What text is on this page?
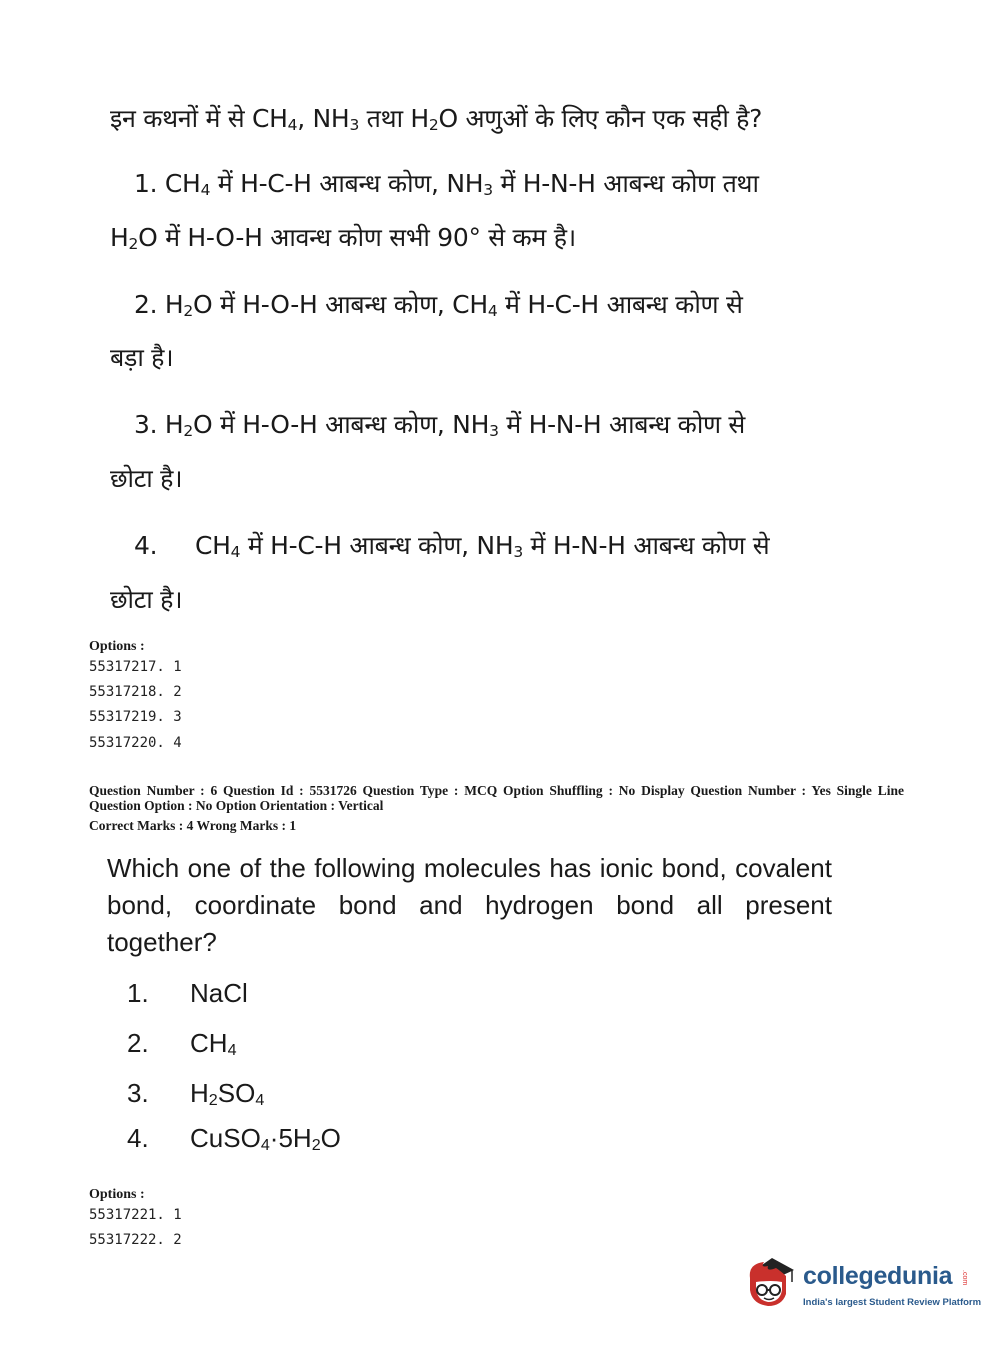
इन कथनों में से $CH_4$, $NH_3$ तथा $H_2O$ अणुओं के लिए कौन एक सही है?
1. $CH_4$ में H-C-H आबन्ध कोण, $NH_3$ में H-N-H आबन्ध कोण तथा
$H_2O$ में H-O-H आवन्ध कोण सभी 90° से कम है।
2. $H_2O$ में H-O-H आबन्ध कोण, $CH_4$ में H-C-H आबन्ध कोण से
बड़ा है।
3. $H_2O$ में H-O-H आबन्ध कोण, $NH_3$ में H-N-H आबन्ध कोण से
छोटा है।
4. $CH_4$ में H-C-H आबन्ध कोण, $NH_3$ में H-N-H आबन्ध कोण से
छोटा है।
Options :
55317217. 1
55317218. 2
55317219. 3
55317220. 4
Question Number : 6 Question Id : 5531726 Question Type : MCQ Option Shuffling : No Display Question Number : Yes Single Line Question Option : No Option Orientation : Vertical
Correct Marks : 4 Wrong Marks : 1
Which one of the following molecules has ionic bond, covalent bond, coordinate bond and hydrogen bond all present together?
1. NaCl
2. $CH_4$
3. $H_2SO_4$
4. $CuSO_4\cdot 5H_2O$
Options :
55317221. 1
55317222. 2
collegedunia .com
India's largest Student Review Platform
